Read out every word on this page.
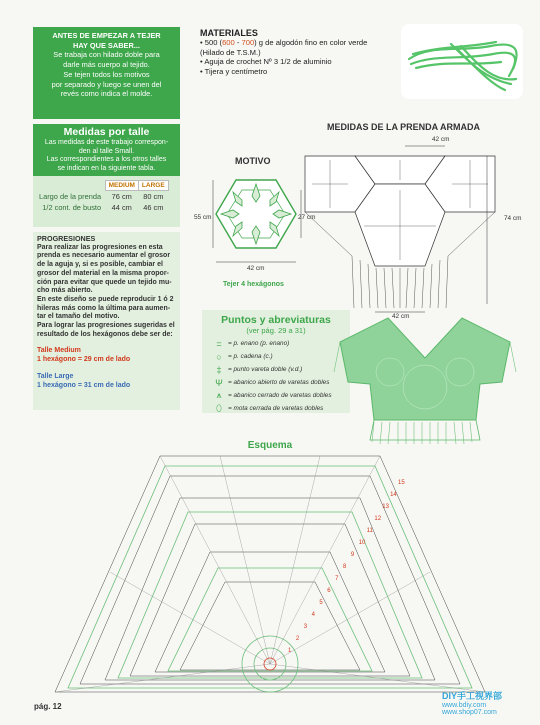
ANTES DE EMPEZAR A TEJER
HAY QUE SABER...
Se trabaja con hilado doble para
darle más cuerpo al tejido.
Se tejen todos los motivos
por separado y luego se unen del
revés como indica el molde.
Medidas por talle
Las medidas de este trabajo correspon-
den al talle Small.
Las correspondientes a los otros talles
se indican en la siguiente tabla.
	MEDIUM	LARGE
Largo de la prenda	76 cm	80 cm
1/2 cont. de busto	44 cm	46 cm
PROGRESIONES
Para realizar las progresiones en esta
prenda es necesario aumentar el grosor
de la aguja y, si es posible, cambiar el
grosor del material en la misma propor-
ción para evitar que quede un tejido mu-
cho más abierto.
En este diseño se puede reproducir 1 ó 2
hileras más como la última para aumen-
tar el tamaño del motivo.
Para lograr las progresiones sugeridas el
resultado de los hexágonos debe ser de:
Talle Medium
1 hexágono = 29 cm de lado
Talle Large
1 hexágono = 31 cm de lado
MATERIALES
• 500 (600 - 700) g de algodón fino en color verde
(Hilado de T.S.M.)
• Aguja de crochet Nº 3 1/2 de aluminio
• Tijera y centímetro
MOTIVO
55 cm	27 cm
42 cm
Tejer 4 hexágonos
MEDIDAS DE LA PRENDA ARMADA
42 cm
74 cm
42 cm
Puntos y abreviaturas
(ver pág. 29 a 31)
= = p. enano (p. enano)
○ = p. cadena (c.)
‡	= punto vareta doble (v.d.)
Ψ = abanico abierto de varetas dobles
⩚	= abanico cerrado de varetas dobles
⬯ = mota cerrada de varetas dobles
Esquema
1
2
3
4
5
6
7
8
9
10
11
12
13
14
15
pág. 12
DIY手工视界部
www.bdiy.com
www.shop07.com
